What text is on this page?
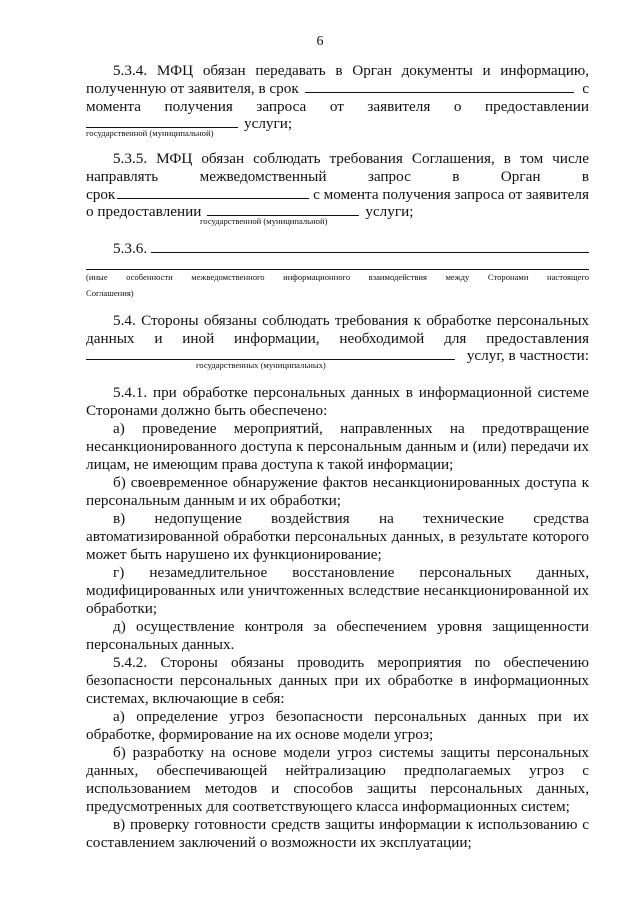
6
5.3.4. МФЦ обязан передавать в Орган документы и информацию,
полученную от заявителя, в срок	с
момента получения запроса от заявителя о предоставлении
услуги;
государственной (муниципальной)
5.3.5. МФЦ обязан соблюдать требования Соглашения, в том числе
направлять межведомственный запрос в Орган в
срок	с момента получения запроса от заявителя
о предоставлении	услуги;
государственной (муниципальной)
5.3.6.
(иные особенности межведомственного информационного взаимодействия между Сторонами настоящего
Соглашения)
5.4. Стороны обязаны соблюдать требования к обработке персональных
данных и иной информации, необходимой для предоставления
услуг, в частности:
государственных (муниципальных)
5.4.1. при обработке персональных данных в информационной системе
Сторонами должно быть обеспечено:
а) проведение мероприятий, направленных на предотвращение
несанкционированного доступа к персональным данным и (или) передачи их
лицам, не имеющим права доступа к такой информации;
б) своевременное обнаружение фактов несанкционированных доступа к
персональным данным и их обработки;
в) недопущение воздействия на технические средства
автоматизированной обработки персональных данных, в результате которого
может быть нарушено их функционирование;
г) незамедлительное восстановление персональных данных,
модифицированных или уничтоженных вследствие несанкционированной их
обработки;
д) осуществление контроля за обеспечением уровня защищенности
персональных данных.
5.4.2. Стороны обязаны проводить мероприятия по обеспечению
безопасности персональных данных при их обработке в информационных
системах, включающие в себя:
а) определение угроз безопасности персональных данных при их
обработке, формирование на их основе модели угроз;
б) разработку на основе модели угроз системы защиты персональных
данных, обеспечивающей нейтрализацию предполагаемых угроз с
использованием методов и способов защиты персональных данных,
предусмотренных для соответствующего класса информационных систем;
в) проверку готовности средств защиты информации к использованию с
составлением заключений о возможности их эксплуатации;
